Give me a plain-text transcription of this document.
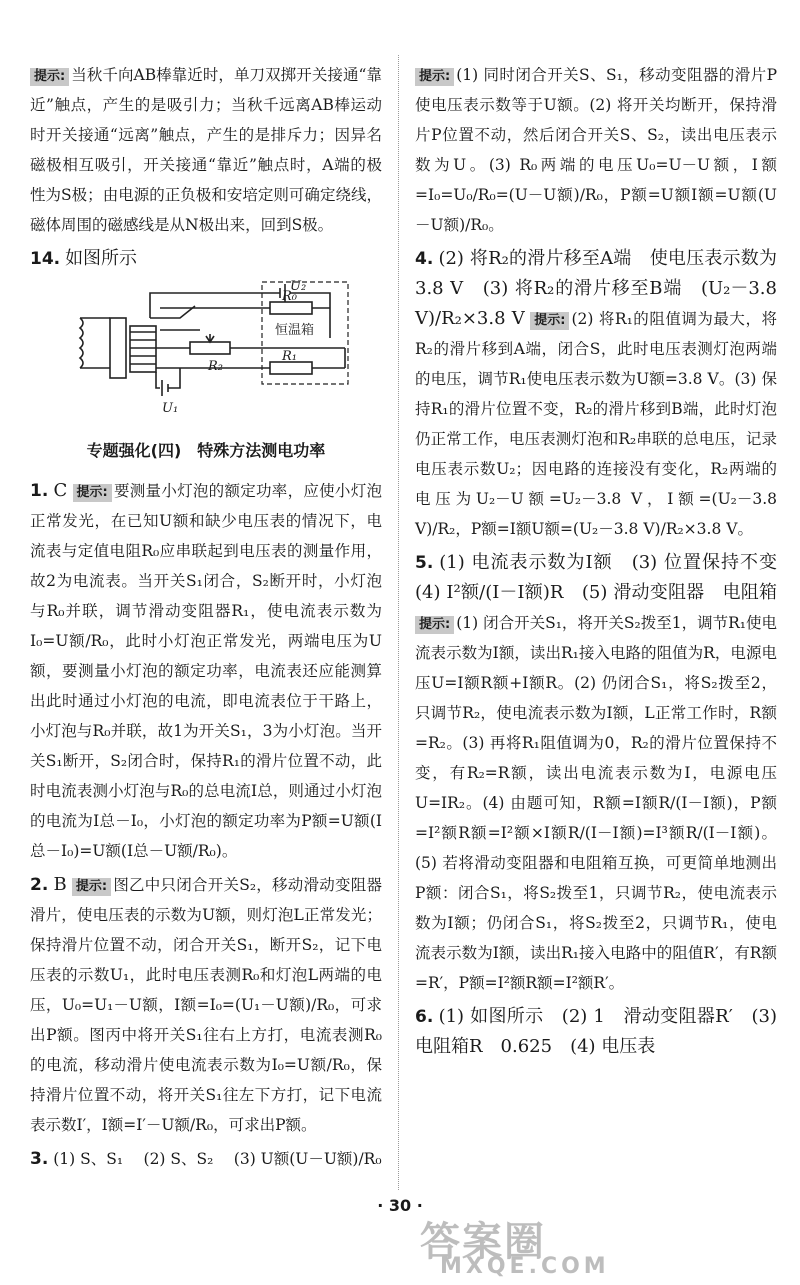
提示: 当秋千向AB棒靠近时，单刀双掷开关接通“靠近”触点，产生的是吸引力；当秋千远离AB棒运动时开关接通“远离”触点，产生的是排斥力；因异名磁极相互吸引，开关接通“靠近”触点时，A端的极性为S极；由电源的正负极和安培定则可确定绕线，磁体周围的磁感线是从N极出来，回到S极。

14. 如图所示

U₂
R₀
R₂
R₁
U₁
恒温箱
专题强化(四)　特殊方法测电功率

1. C 提示: 要测量小灯泡的额定功率，应使小灯泡正常发光，在已知U额和缺少电压表的情况下，电流表与定值电阻R₀应串联起到电压表的测量作用，故2为电流表。当开关S₁闭合，S₂断开时，小灯泡与R₀并联，调节滑动变阻器R₁，使电流表示数为I₀=U额/R₀，此时小灯泡正常发光，两端电压为U额，要测量小灯泡的额定功率，电流表还应能测算出此时通过小灯泡的电流，即电流表位于干路上，小灯泡与R₀并联，故1为开关S₁，3为小灯泡。当开关S₁断开，S₂闭合时，保持R₁的滑片位置不动，此时电流表测小灯泡与R₀的总电流I总，则通过小灯泡的电流为I总－I₀，小灯泡的额定功率为P额=U额(I总－I₀)=U额(I总－U额/R₀)。

2. B 提示: 图乙中只闭合开关S₂，移动滑动变阻器滑片，使电压表的示数为U额，则灯泡L正常发光；保持滑片位置不动，闭合开关S₁，断开S₂，记下电压表的示数U₁，此时电压表测R₀和灯泡L两端的电压，U₀=U₁－U额，I额=I₀=(U₁－U额)/R₀，可求出P额。图丙中将开关S₁往右上方打，电流表测R₀的电流，移动滑片使电流表示数为I₀=U额/R₀，保持滑片位置不动，将开关S₁往左下方打，记下电流表示数I′，I额=I′－U额/R₀，可求出P额。

3. (1) S、S₁　 (2) S、S₂　 (3) U额(U－U额)/R₀

提示: (1) 同时闭合开关S、S₁，移动变阻器的滑片P使电压表示数等于U额。(2) 将开关均断开，保持滑片P位置不动，然后闭合开关S、S₂，读出电压表示数为U。(3) R₀两端的电压U₀=U－U额，I额=I₀=U₀/R₀=(U－U额)/R₀，P额=U额I额=U额(U－U额)/R₀。

4. (2) 将R₂的滑片移至A端　使电压表示数为3.8 V　(3) 将R₂的滑片移至B端　(U₂－3.8 V)/R₂×3.8 V 提示: (2) 将R₁的阻值调为最大，将R₂的滑片移到A端，闭合S，此时电压表测灯泡两端的电压，调节R₁使电压表示数为U额=3.8 V。(3) 保持R₁的滑片位置不变，R₂的滑片移到B端，此时灯泡仍正常工作，电压表测灯泡和R₂串联的总电压，记录电压表示数U₂；因电路的连接没有变化，R₂两端的电压为U₂－U额=U₂－3.8 V，I额=(U₂－3.8 V)/R₂，P额=I额U额=(U₂－3.8 V)/R₂×3.8 V。

5. (1) 电流表示数为I额　(3) 位置保持不变　(4) I²额/(I－I额)R　(5) 滑动变阻器　电阻箱 提示: (1) 闭合开关S₁，将开关S₂拨至1，调节R₁使电流表示数为I额，读出R₁接入电路的阻值为R，电源电压U=I额R额+I额R。(2) 仍闭合S₁，将S₂拨至2，只调节R₂，使电流表示数为I额，L正常工作时，R额=R₂。(3) 再将R₁阻值调为0，R₂的滑片位置保持不变，有R₂=R额，读出电流表示数为I，电源电压U=IR₂。(4) 由题可知，R额=I额R/(I－I额)，P额=I²额R额=I²额×I额R/(I－I额)=I³额R/(I－I额)。(5) 若将滑动变阻器和电阻箱互换，可更简单地测出P额：闭合S₁，将S₂拨至1，只调节R₂，使电流表示数为I额；仍闭合S₁，将S₂拨至2，只调节R₁，使电流表示数为I额，读出R₁接入电路中的阻值R′，有R额=R′，P额=I²额R额=I²额R′。

6. (1) 如图所示　(2) 1　滑动变阻器R′　(3) 电阻箱R　0.625　(4) 电压表

· 30 ·
答案圈
MXQE.COM
